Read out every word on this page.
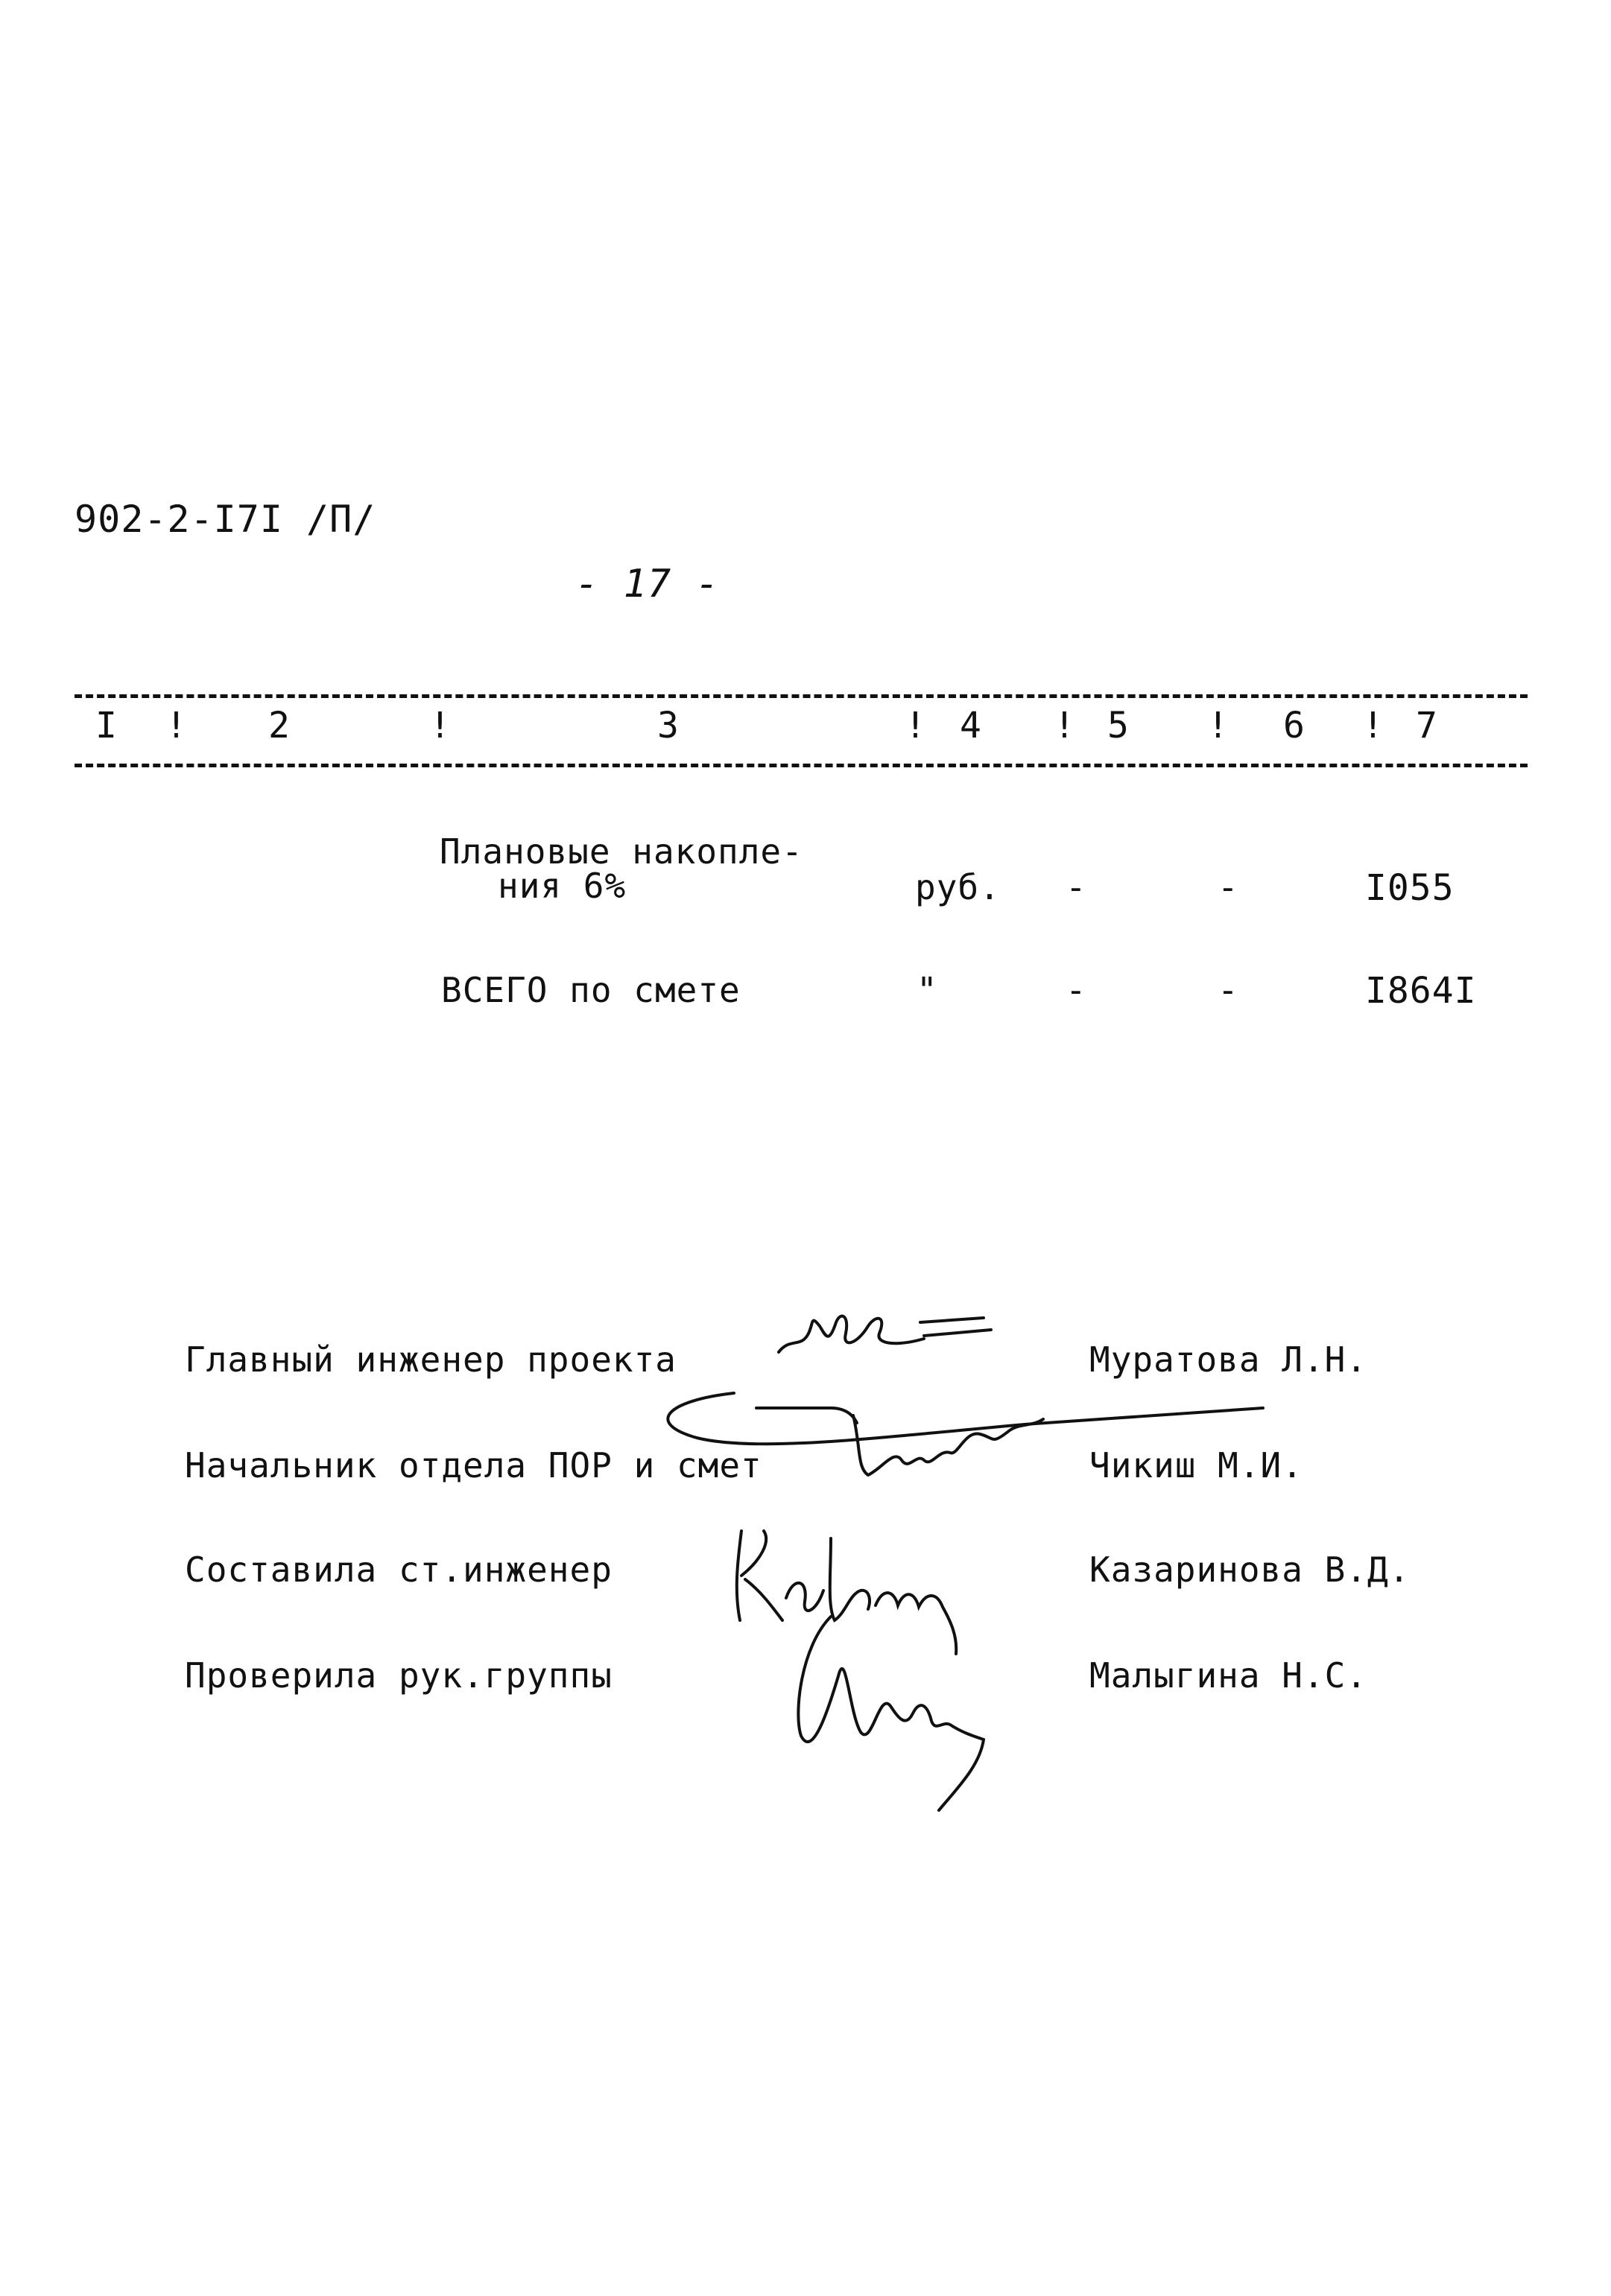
902-2-I7I /П/
- 17 -
I ! 2	!	3	! 4 ! 5 ! 6 ! 7
Плановые накопле-
ния 6%	руб. -	-	I055
ВСЕГО по смете	"	-	-	I864I
Главный инженер проекта	Муратова Л.Н.
Начальник отдела ПОР и смет	Чикиш М.И.
Составила ст.инженер	Казаринова В.Д.
Проверила рук.группы	Малыгина Н.С.
